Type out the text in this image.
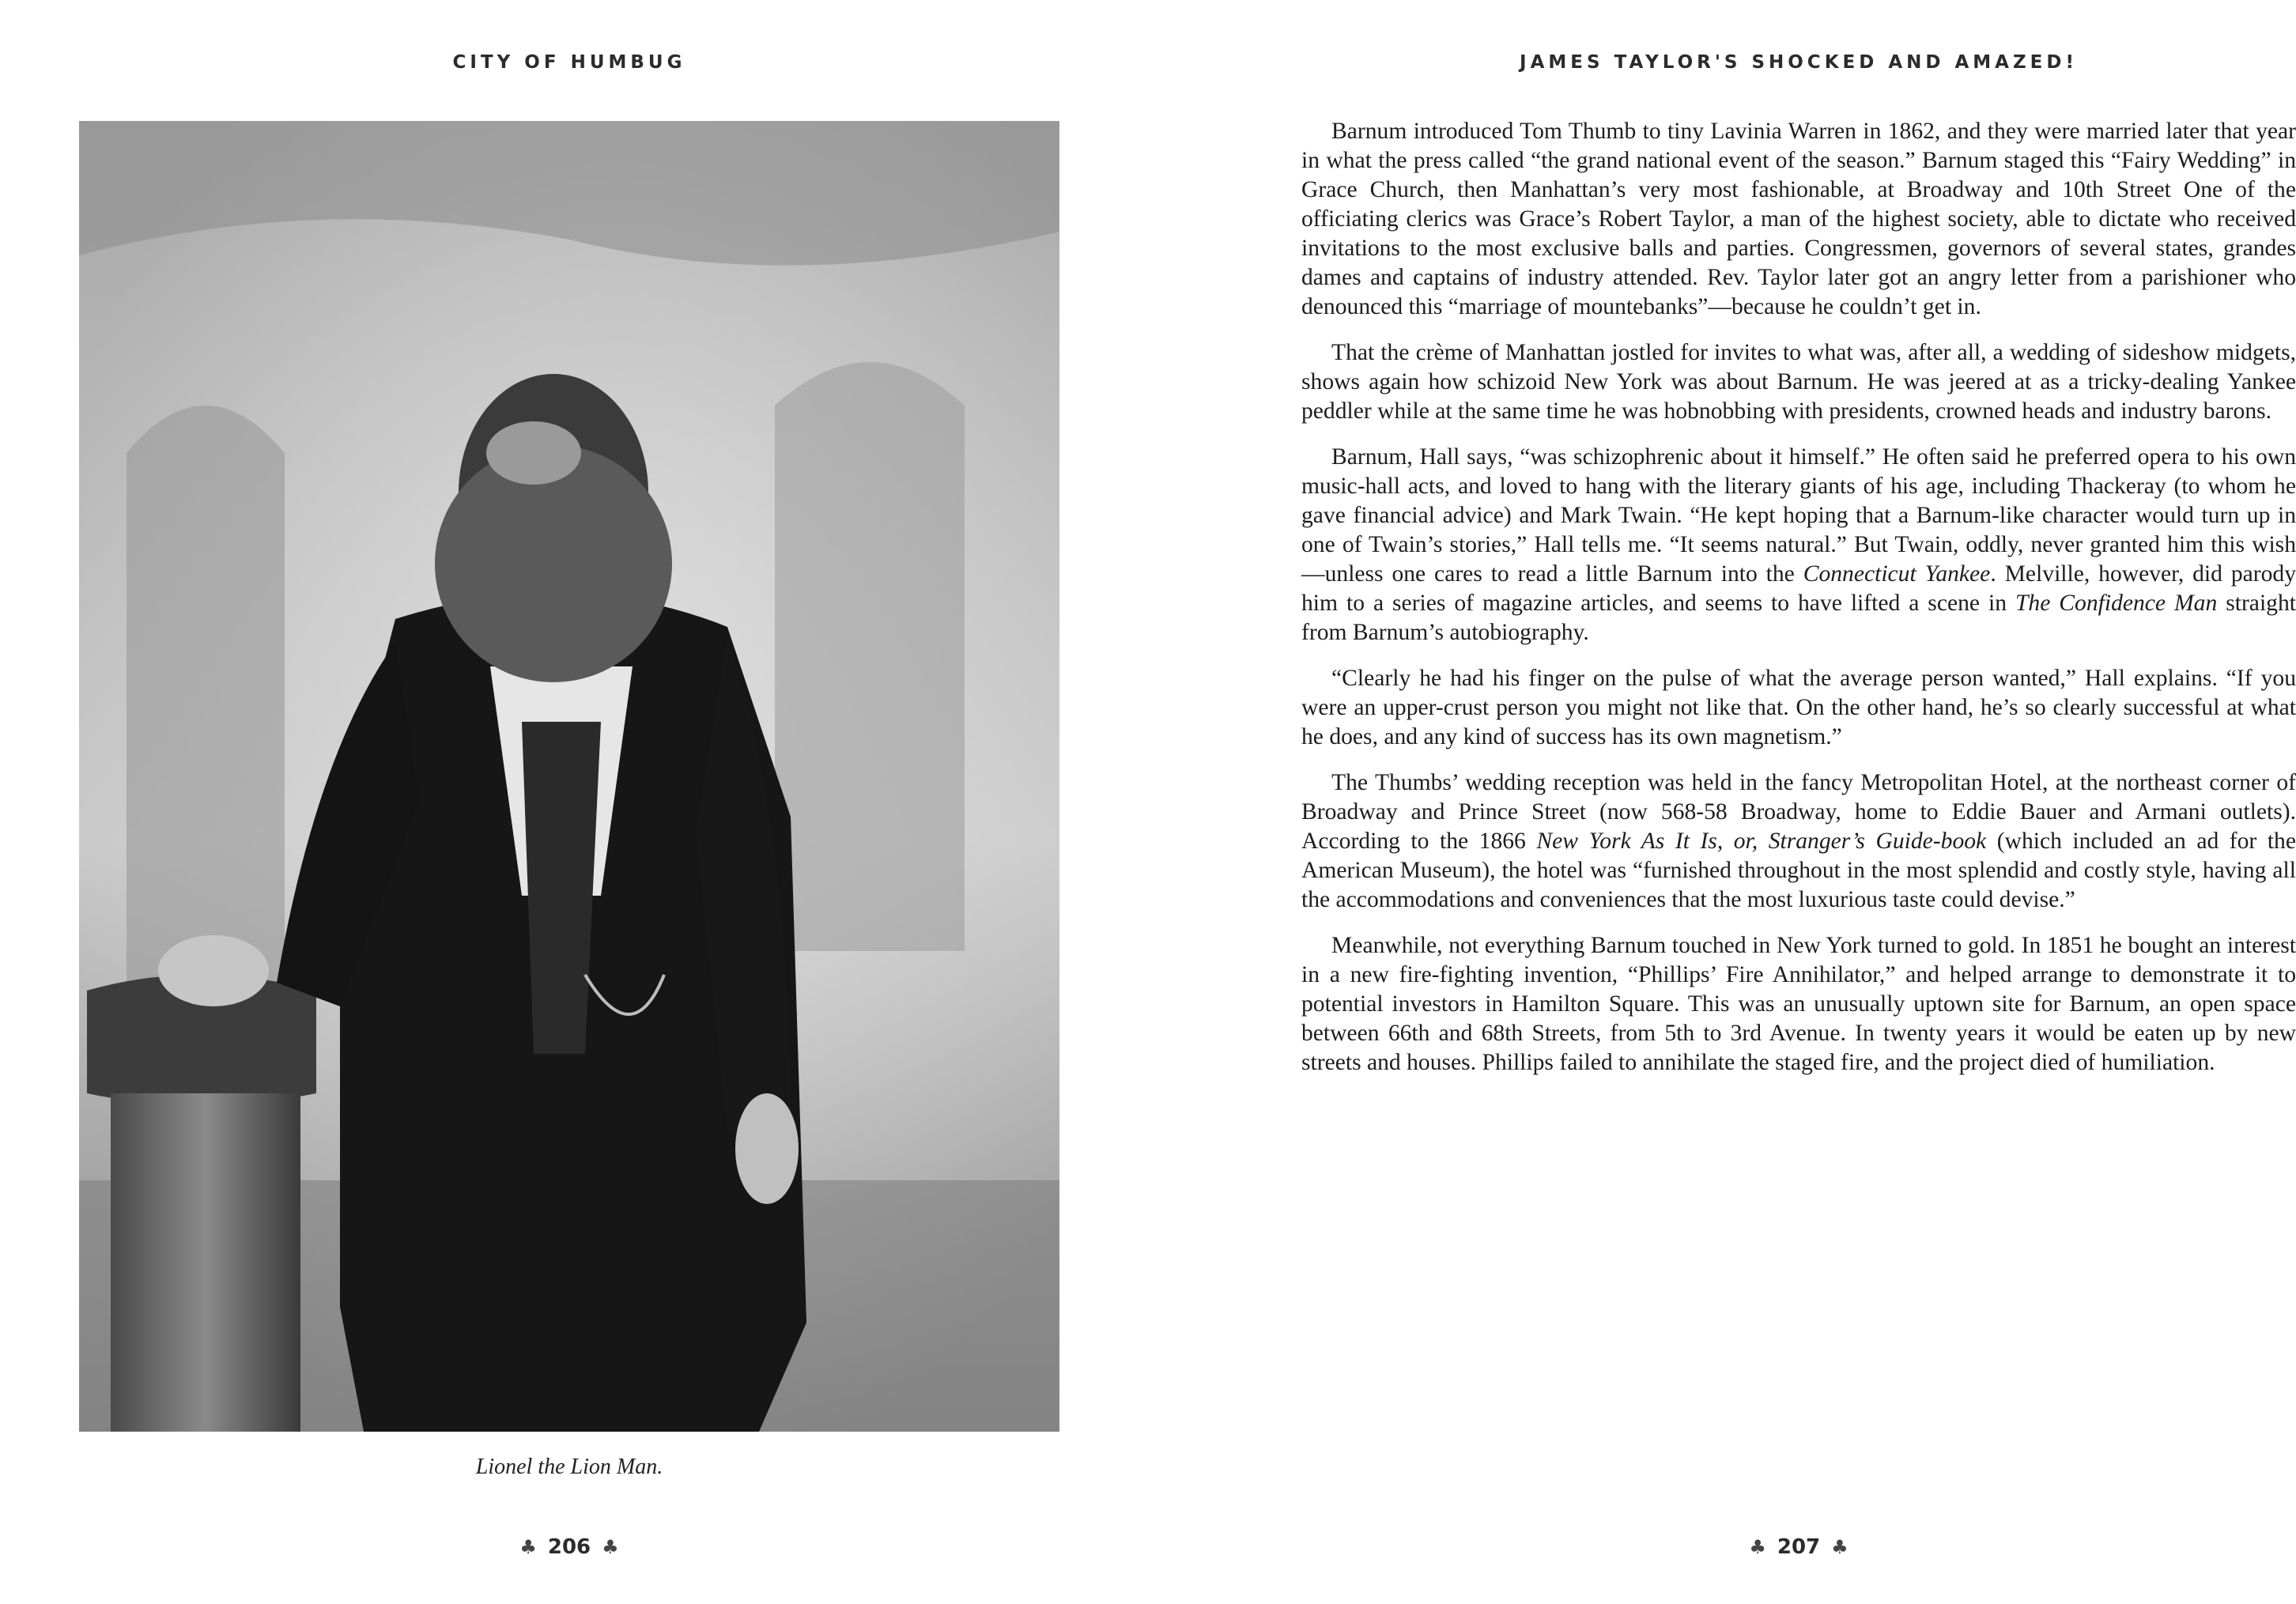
CITY OF HUMBUG
Lionel the Lion Man.
♣ 206 ♣
JAMES TAYLOR'S SHOCKED AND AMAZED!

Barnum introduced Tom Thumb to tiny Lavinia Warren in 1862, and they were married later that year in what the press called “the grand national event of the season.” Barnum staged this “Fairy Wedding” in Grace Church, then Manhattan’s very most fashionable, at Broadway and 10th Street One of the officiating clerics was Grace’s Robert Taylor, a man of the highest society, able to dictate who received invitations to the most exclusive balls and parties. Congressmen, governors of several states, grandes dames and captains of industry attended. Rev. Taylor later got an angry letter from a parishioner who denounced this “marriage of mountebanks”—because he couldn’t get in.

That the crème of Manhattan jostled for invites to what was, after all, a wedding of sideshow midgets, shows again how schizoid New York was about Barnum. He was jeered at as a tricky-dealing Yankee peddler while at the same time he was hobnobbing with presidents, crowned heads and industry barons.

Barnum, Hall says, “was schizophrenic about it himself.” He often said he preferred opera to his own music-hall acts, and loved to hang with the literary giants of his age, including Thackeray (to whom he gave financial advice) and Mark Twain. “He kept hoping that a Barnum-like character would turn up in one of Twain’s stories,” Hall tells me. “It seems natural.” But Twain, oddly, never granted him this wish—unless one cares to read a little Barnum into the Connecticut Yankee. Melville, however, did parody him to a series of magazine articles, and seems to have lifted a scene in The Confidence Man straight from Barnum’s autobiography.

“Clearly he had his finger on the pulse of what the average person wanted,” Hall explains. “If you were an upper-crust person you might not like that. On the other hand, he’s so clearly successful at what he does, and any kind of success has its own magnetism.”

The Thumbs’ wedding reception was held in the fancy Metropolitan Hotel, at the northeast corner of Broadway and Prince Street (now 568-58 Broadway, home to Eddie Bauer and Armani outlets). According to the 1866 New York As It Is, or, Stranger’s Guide-book (which included an ad for the American Museum), the hotel was “furnished throughout in the most splendid and costly style, having all the accommodations and conveniences that the most luxurious taste could devise.”

Meanwhile, not everything Barnum touched in New York turned to gold. In 1851 he bought an interest in a new fire-fighting invention, “Phillips’ Fire Annihilator,” and helped arrange to demonstrate it to potential investors in Hamilton Square. This was an unusually uptown site for Barnum, an open space between 66th and 68th Streets, from 5th to 3rd Avenue. In twenty years it would be eaten up by new streets and houses. Phillips failed to annihilate the staged fire, and the project died of humiliation.

♣ 207 ♣
